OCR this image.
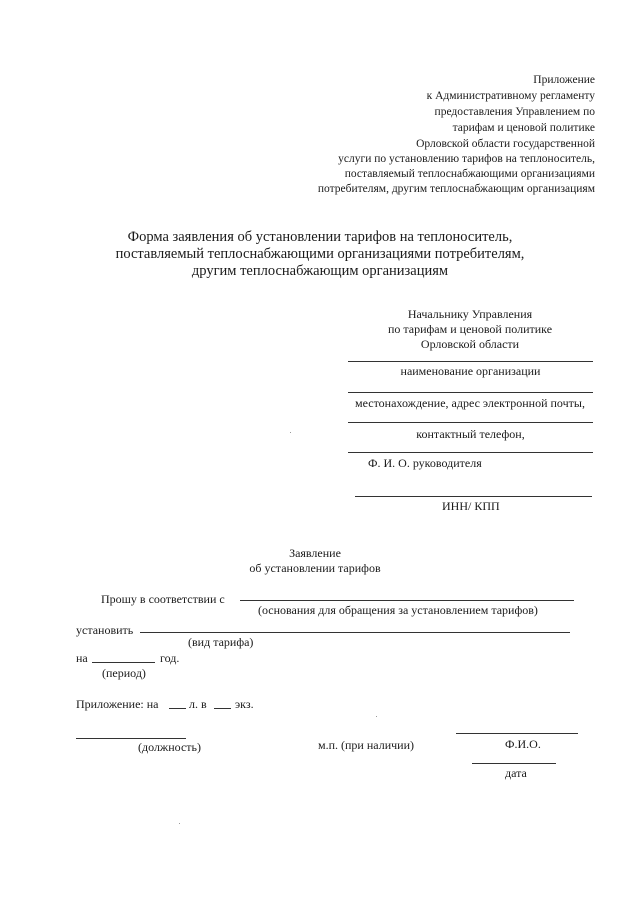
Приложение
к Административному регламенту
предоставления Управлением по
тарифам и ценовой политике
Орловской области государственной
услуги по установлению тарифов на теплоноситель,
поставляемый теплоснабжающими организациями
потребителям, другим теплоснабжающим организациям
Форма заявления об установлении тарифов на теплоноситель,
поставляемый теплоснабжающими организациями потребителям,
другим теплоснабжающим организациям
Начальнику Управления
по тарифам и ценовой политике
Орловской области
наименование организации
местонахождение, адрес электронной почты,
контактный телефон,
Ф. И. О. руководителя
ИНН/ КПП
Заявление
об установлении тарифов
Прошу в соответствии с
(основания для обращения за установлением тарифов)
установить
(вид тарифа)
на	год.
(период)
Приложение: на	л. в экз.
(должность)	м.п. (при наличии)	Ф.И.О.
дата
